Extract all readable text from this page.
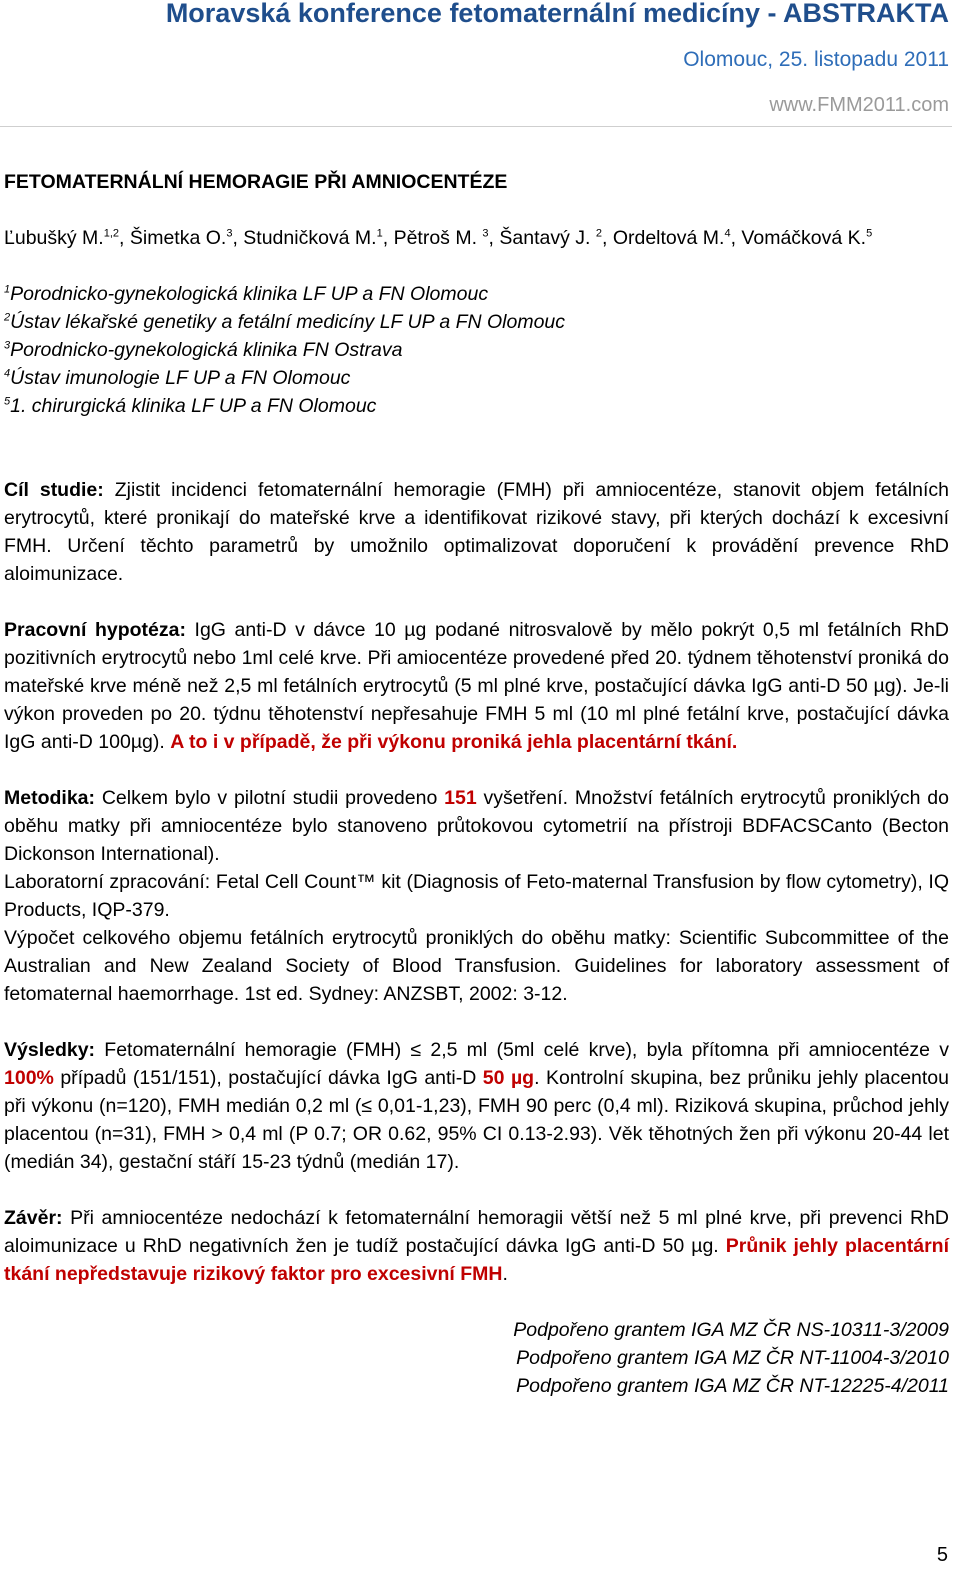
Moravská konference fetomaternální medicíny - ABSTRAKTA
Olomouc, 25. listopadu 2011
www.FMM2011.com
FETOMATERNÁLNÍ HEMORAGIE PŘI AMNIOCENTÉZE
Ľubušký M.$^{1,2}$, Šimetka O.$^3$, Studničková M.$^1$, Pětroš M. $^3$, Šantavý J. $^2$, Ordeltová M.$^4$, Vomáčková K.$^5$
$^1$Porodnicko-gynekologická klinika LF UP a FN Olomouc
$^2$Ústav lékařské genetiky a fetální medicíny LF UP a FN Olomouc
$^3$Porodnicko-gynekologická klinika FN Ostrava
$^4$Ústav imunologie LF UP a FN Olomouc
$^5$1. chirurgická klinika LF UP a FN Olomouc

Cíl studie: Zjistit incidenci fetomaternální hemoragie (FMH) při amniocentéze, stanovit objem fetálních erytrocytů, které pronikají do mateřské krve a identifikovat rizikové stavy, při kterých dochází k excesivní FMH. Určení těchto parametrů by umožnilo optimalizovat doporučení k provádění prevence RhD aloimunizace.

Pracovní hypotéza: IgG anti-D v dávce 10 µg podané nitrosvalově by mělo pokrýt 0,5 ml fetálních RhD pozitivních erytrocytů nebo 1ml celé krve. Při amiocentéze provedené před 20. týdnem těhotenství proniká do mateřské krve méně než 2,5 ml fetálních erytrocytů (5 ml plné krve, postačující dávka IgG anti-D 50 µg). Je-li výkon proveden po 20. týdnu těhotenství nepřesahuje FMH 5 ml (10 ml plné fetální krve, postačující dávka IgG anti-D 100µg). A to i v případě, že při výkonu proniká jehla placentární tkání.

Metodika: Celkem bylo v pilotní studii provedeno 151 vyšetření. Množství fetálních erytrocytů proniklých do oběhu matky při amniocentéze bylo stanoveno průtokovou cytometrií na přístroji BDFACSCanto (Becton Dickonson International).

Laboratorní zpracování: Fetal Cell Count™ kit (Diagnosis of Feto-maternal Transfusion by flow cytometry), IQ Products, IQP-379.

Výpočet celkového objemu fetálních erytrocytů proniklých do oběhu matky: Scientific Subcommittee of the Australian and New Zealand Society of Blood Transfusion. Guidelines for laboratory assessment of fetomaternal haemorrhage. 1st ed. Sydney: ANZSBT, 2002: 3-12.

Výsledky: Fetomaternální hemoragie (FMH) ≤ 2,5 ml (5ml celé krve), byla přítomna při amniocentéze v 100% případů (151/151), postačující dávka IgG anti-D 50 µg. Kontrolní skupina, bez průniku jehly placentou při výkonu (n=120), FMH medián 0,2 ml (≤ 0,01-1,23), FMH 90 perc (0,4 ml). Riziková skupina, průchod jehly placentou (n=31), FMH > 0,4 ml (P 0.7; OR 0.62, 95% CI 0.13-2.93). Věk těhotných žen při výkonu 20-44 let (medián 34), gestační stáří 15-23 týdnů (medián 17).

Závěr: Při amniocentéze nedochází k fetomaternální hemoragii větší než 5 ml plné krve, při prevenci RhD aloimunizace u RhD negativních žen je tudíž postačující dávka IgG anti-D 50 µg. Průnik jehly placentární tkání nepředstavuje rizikový faktor pro excesivní FMH.

Podpořeno grantem IGA MZ ČR NS-10311-3/2009
Podpořeno grantem IGA MZ ČR NT-11004-3/2010
Podpořeno grantem IGA MZ ČR NT-12225-4/2011
5
